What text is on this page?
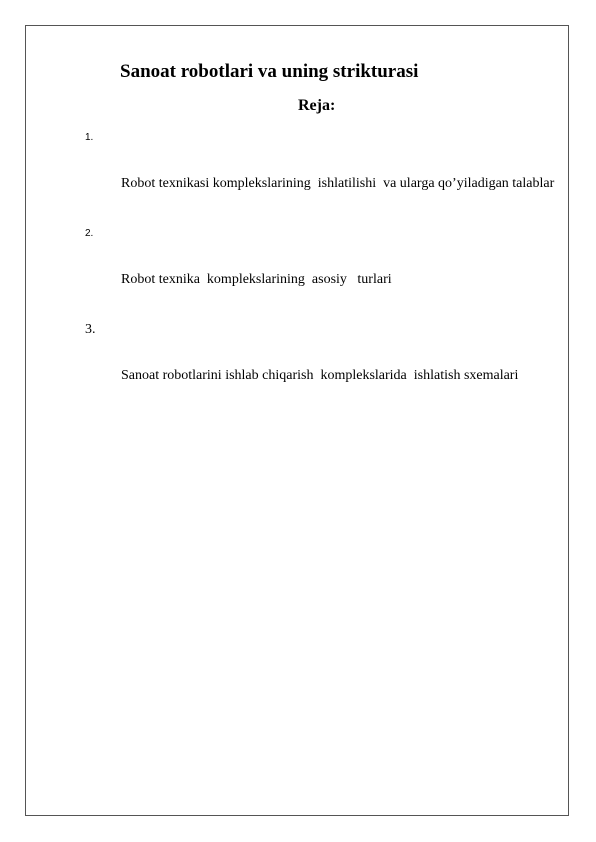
Sanoat robotlari va uning strikturasi
Reja:

1.

Robot texnikasi komplekslarining  ishlatilishi  va ularga qo’yiladigan talablar

2.

Robot texnika  komplekslarining  asosiy   turlari

3.

Sanoat robotlarini ishlab chiqarish  komplekslarida  ishlatish sxemalari
